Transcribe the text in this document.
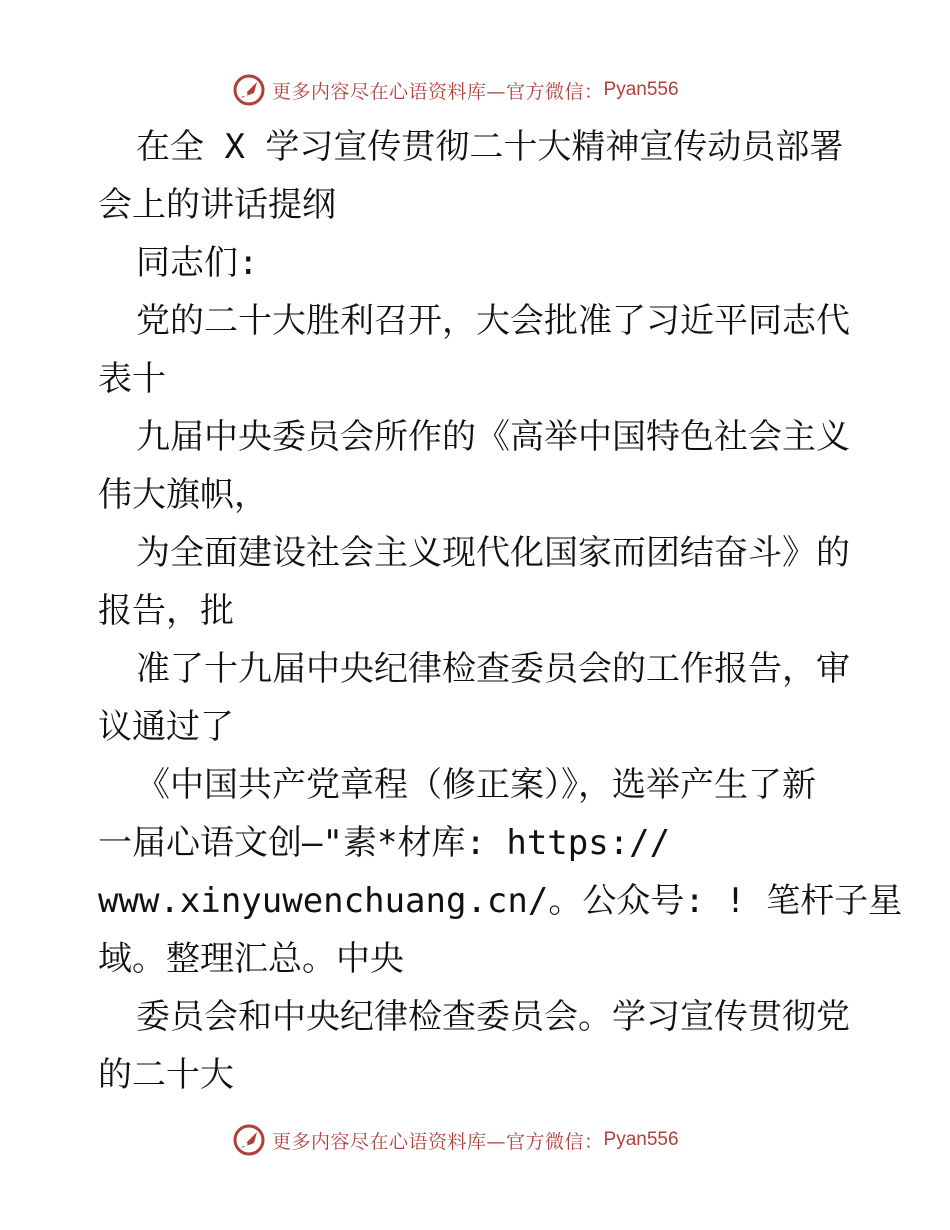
更多内容尽在心语资料库— 官方微信： Pyan556
在全 X 学习宣传贯彻二十大精神宣传动员部署
会上的讲话提纲
同志们:
党的二十大胜利召开，大会批准了习近平同志代
表十
九届中央委员会所作的《高举中国特色社会主义
伟大旗帜，
为全面建设社会主义现代化国家而团结奋斗》的
报告，批
准了十九届中央纪律检查委员会的工作报告，审
议通过了
《中国共产党章程（修正案）》，选举产生了新
一届心语文创—"素*材库: https://
www.xinyuwenchuang.cn/。公众号: ! 笔杆子星
域。整理汇总。中央
委员会和中央纪律检查委员会。学习宣传贯彻党
的二十大
更多内容尽在心语资料库— 官方微信： Pyan556
